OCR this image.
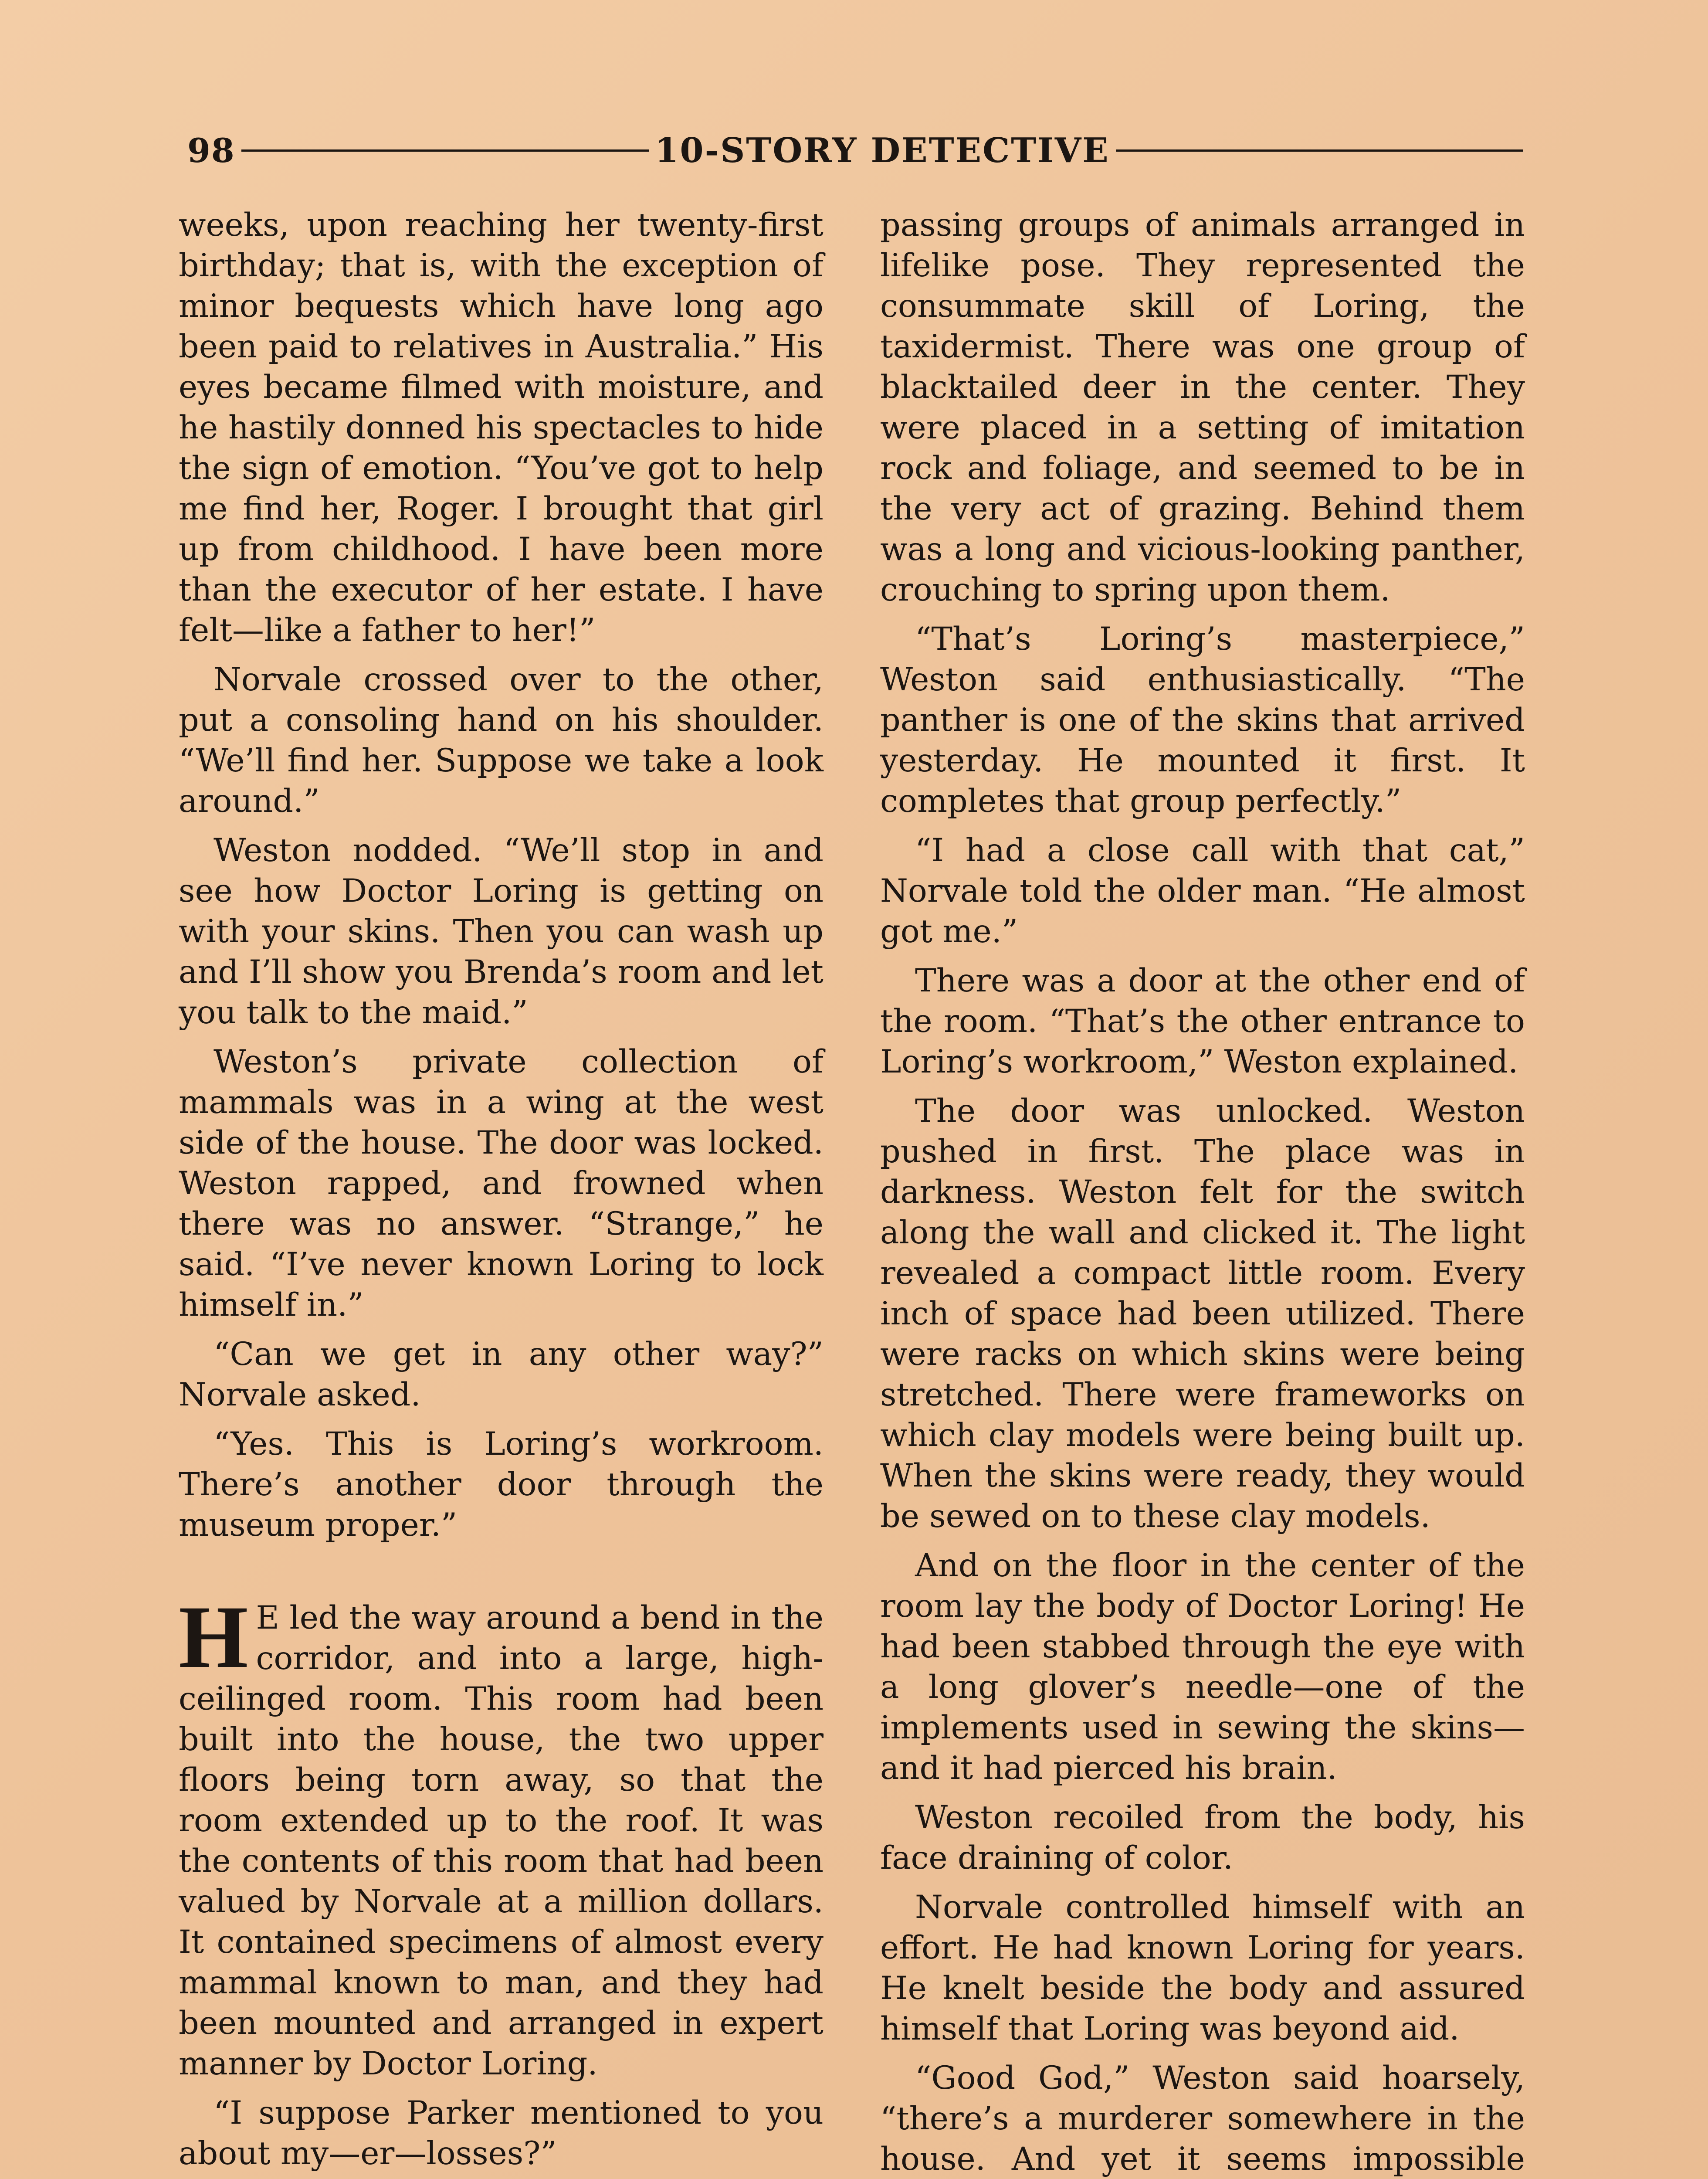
98	10-STORY DETECTIVE

weeks, upon reaching her twenty-first birthday; that is, with the exception of minor bequests which have long ago been paid to relatives in Australia.” His eyes became filmed with moisture, and he hastily donned his spectacles to hide the sign of emotion. “You’ve got to help me find her, Roger. I brought that girl up from childhood. I have been more than the executor of her estate. I have felt—like a father to her!”

Norvale crossed over to the other, put a consoling hand on his shoulder. “We’ll find her. Suppose we take a look around.”

Weston nodded. “We’ll stop in and see how Doctor Loring is getting on with your skins. Then you can wash up and I’ll show you Brenda’s room and let you talk to the maid.”

Weston’s private collection of mammals was in a wing at the west side of the house. The door was locked. Weston rapped, and frowned when there was no answer. “Strange,” he said. “I’ve never known Loring to lock himself in.”

“Can we get in any other way?” Norvale asked.

“Yes. This is Loring’s workroom. There’s another door through the museum proper.”

H E led the way around a bend in the corridor, and into a large, high-ceilinged room. This room had been built into the house, the two upper floors being torn away, so that the room extended up to the roof. It was the contents of this room that had been valued by Norvale at a million dollars. It contained specimens of almost every mammal known to man, and they had been mounted and arranged in expert manner by Doctor Loring.

“I suppose Parker mentioned to you about my—er—losses?”

passing groups of animals arranged in lifelike pose. They represented the consummate skill of Loring, the taxidermist. There was one group of blacktailed deer in the center. They were placed in a setting of imitation rock and foliage, and seemed to be in the very act of grazing. Behind them was a long and vicious-looking panther, crouching to spring upon them.

“That’s Loring’s masterpiece,” Weston said enthusiastically. “The panther is one of the skins that arrived yesterday. He mounted it first. It completes that group perfectly.”

“I had a close call with that cat,” Norvale told the older man. “He almost got me.”

There was a door at the other end of the room. “That’s the other entrance to Loring’s workroom,” Weston explained.

The door was unlocked. Weston pushed in first. The place was in darkness. Weston felt for the switch along the wall and clicked it. The light revealed a compact little room. Every inch of space had been utilized. There were racks on which skins were being stretched. There were frameworks on which clay models were being built up. When the skins were ready, they would be sewed on to these clay models.

And on the floor in the center of the room lay the body of Doctor Loring! He had been stabbed through the eye with a long glover’s needle—one of the implements used in sewing the skins—and it had pierced his brain.

Weston recoiled from the body, his face draining of color.

Norvale controlled himself with an effort. He had known Loring for years. He knelt beside the body and assured himself that Loring was beyond aid.

“Good God,” Weston said hoarsely, “there’s a murderer somewhere in the house. And yet it seems impossible
